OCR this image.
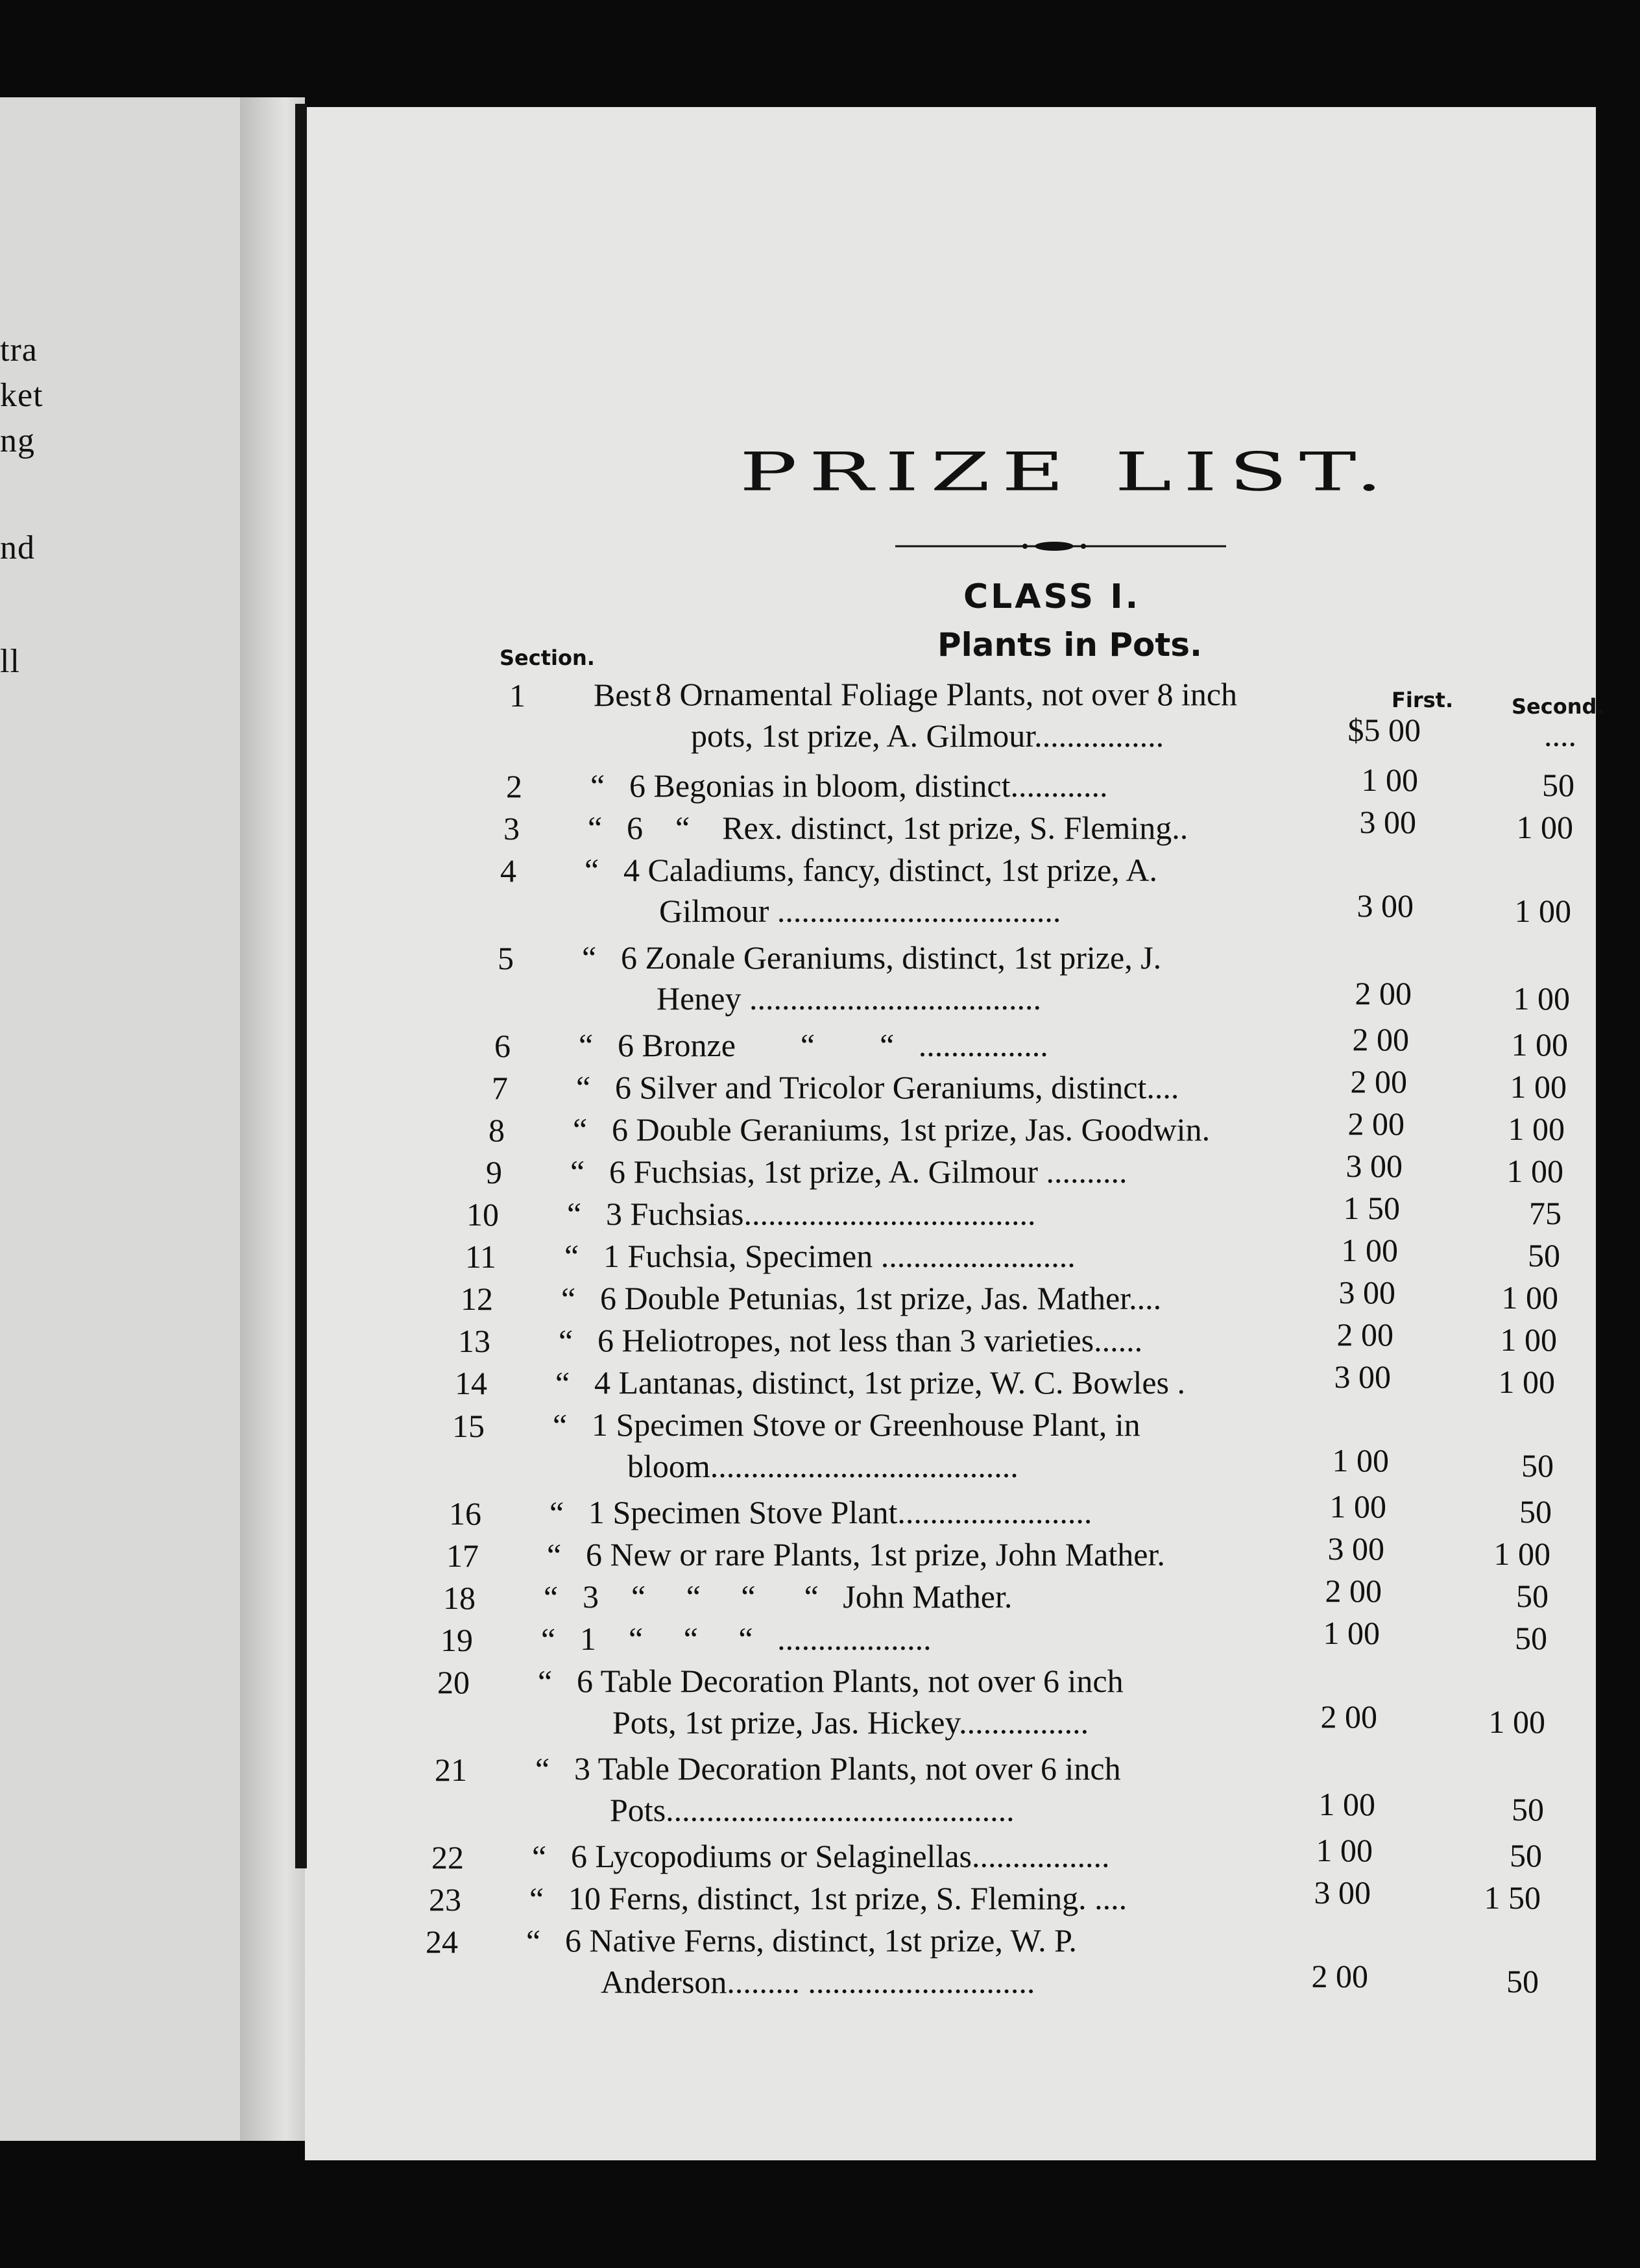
tra
ket
ng
nd
ll
PRIZE LIST.
CLASS I.
Plants in Pots.
Section.
First.	Second.
1 Best 8 Ornamental Foliage Plants, not over 8 inch
pots, 1st prize, A. Gilmour................	$5 00	....
2 “ 6 Begonias in bloom, distinct............	1 00	50
3 “ 6    “    Rex. distinct, 1st prize, S. Fleming..	3 00	1 00
4 “ 4 Caladiums, fancy, distinct, 1st prize, A.
Gilmour ...................................	3 00	1 00
5 “ 6 Zonale Geraniums, distinct, 1st prize, J.
Heney ....................................	2 00	1 00
6 “ 6 Bronze        “        “   ................	2 00	1 00
7 “ 6 Silver and Tricolor Geraniums, distinct....	2 00	1 00
8 “ 6 Double Geraniums, 1st prize, Jas. Goodwin.	2 00	1 00
9 “ 6 Fuchsias, 1st prize, A. Gilmour ..........	3 00	1 00
10 “ 3 Fuchsias....................................	1 50	75
11 “ 1 Fuchsia, Specimen ........................	1 00	50
12 “ 6 Double Petunias, 1st prize, Jas. Mather....	3 00	1 00
13 “ 6 Heliotropes, not less than 3 varieties......	2 00	1 00
14 “ 4 Lantanas, distinct, 1st prize, W. C. Bowles .	3 00	1 00
15 “ 1 Specimen Stove or Greenhouse Plant, in
bloom......................................	1 00	50
16 “ 1 Specimen Stove Plant........................	1 00	50
17 “ 6 New or rare Plants, 1st prize, John Mather.	3 00	1 00
18 “ 3    “     “     “      “   John Mather.	2 00	50
19 “ 1    “     “     “   ...................	1 00	50
20 “ 6 Table Decoration Plants, not over 6 inch
Pots, 1st prize, Jas. Hickey................	2 00	1 00
21 “ 3 Table Decoration Plants, not over 6 inch
Pots...........................................	1 00	50
22 “ 6 Lycopodiums or Selaginellas.................	1 00	50
23 “ 10 Ferns, distinct, 1st prize, S. Fleming. ....	3 00	1 50
24 “ 6 Native Ferns, distinct, 1st prize, W. P.
Anderson......... ............................	2 00	50
